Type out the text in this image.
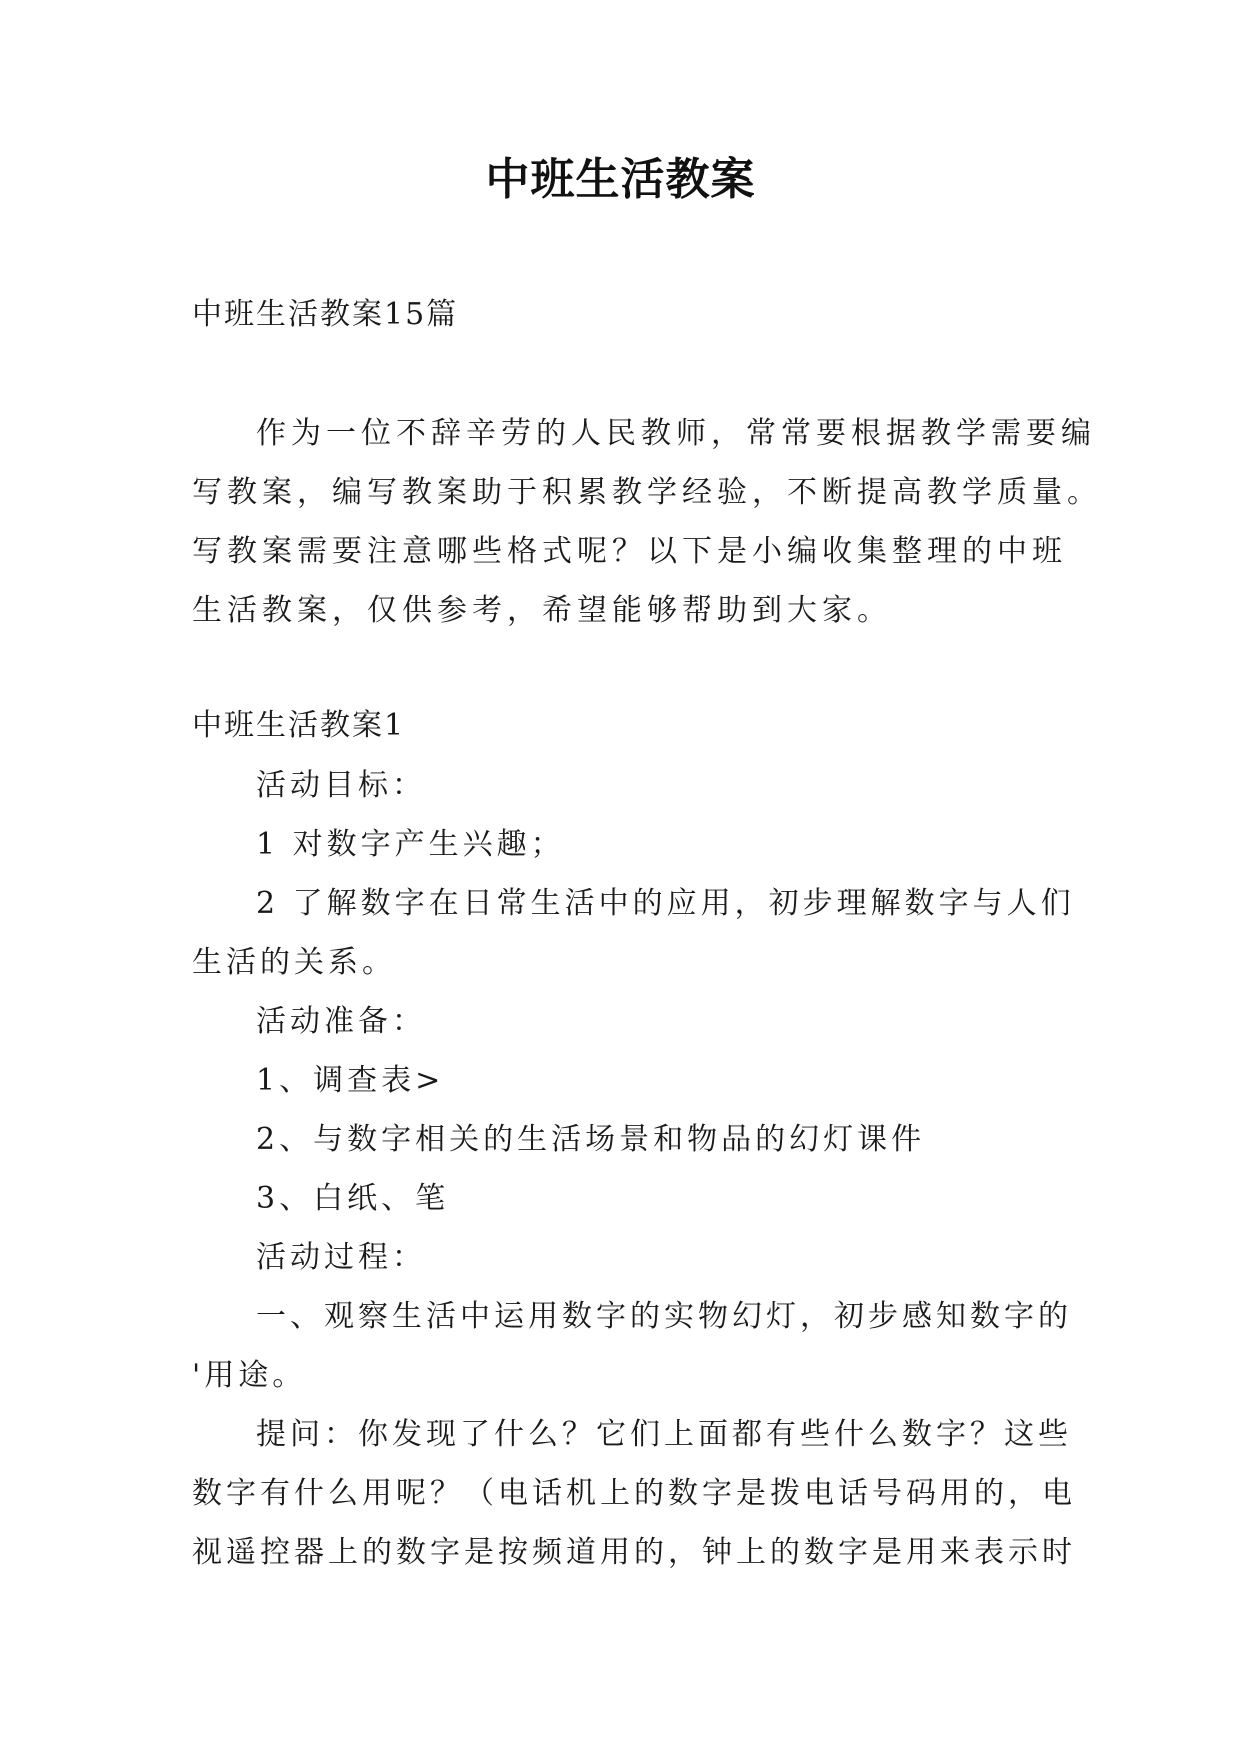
中班生活教案
中班生活教案15篇
作为一位不辞辛劳的人民教师，常常要根据教学需要编
写教案，编写教案助于积累教学经验，不断提高教学质量。
写教案需要注意哪些格式呢？以下是小编收集整理的中班
生活教案，仅供参考，希望能够帮助到大家。
中班生活教案1
活动目标：
1 对数字产生兴趣；
2 了解数字在日常生活中的应用，初步理解数字与人们
生活的关系。
活动准备：
1、调查表>
2、与数字相关的生活场景和物品的幻灯课件
3、白纸、笔
活动过程：
一、观察生活中运用数字的实物幻灯，初步感知数字的
'用途。
提问：你发现了什么？它们上面都有些什么数字？这些
数字有什么用呢？（电话机上的数字是拨电话号码用的，电
视遥控器上的数字是按频道用的，钟上的数字是用来表示时
